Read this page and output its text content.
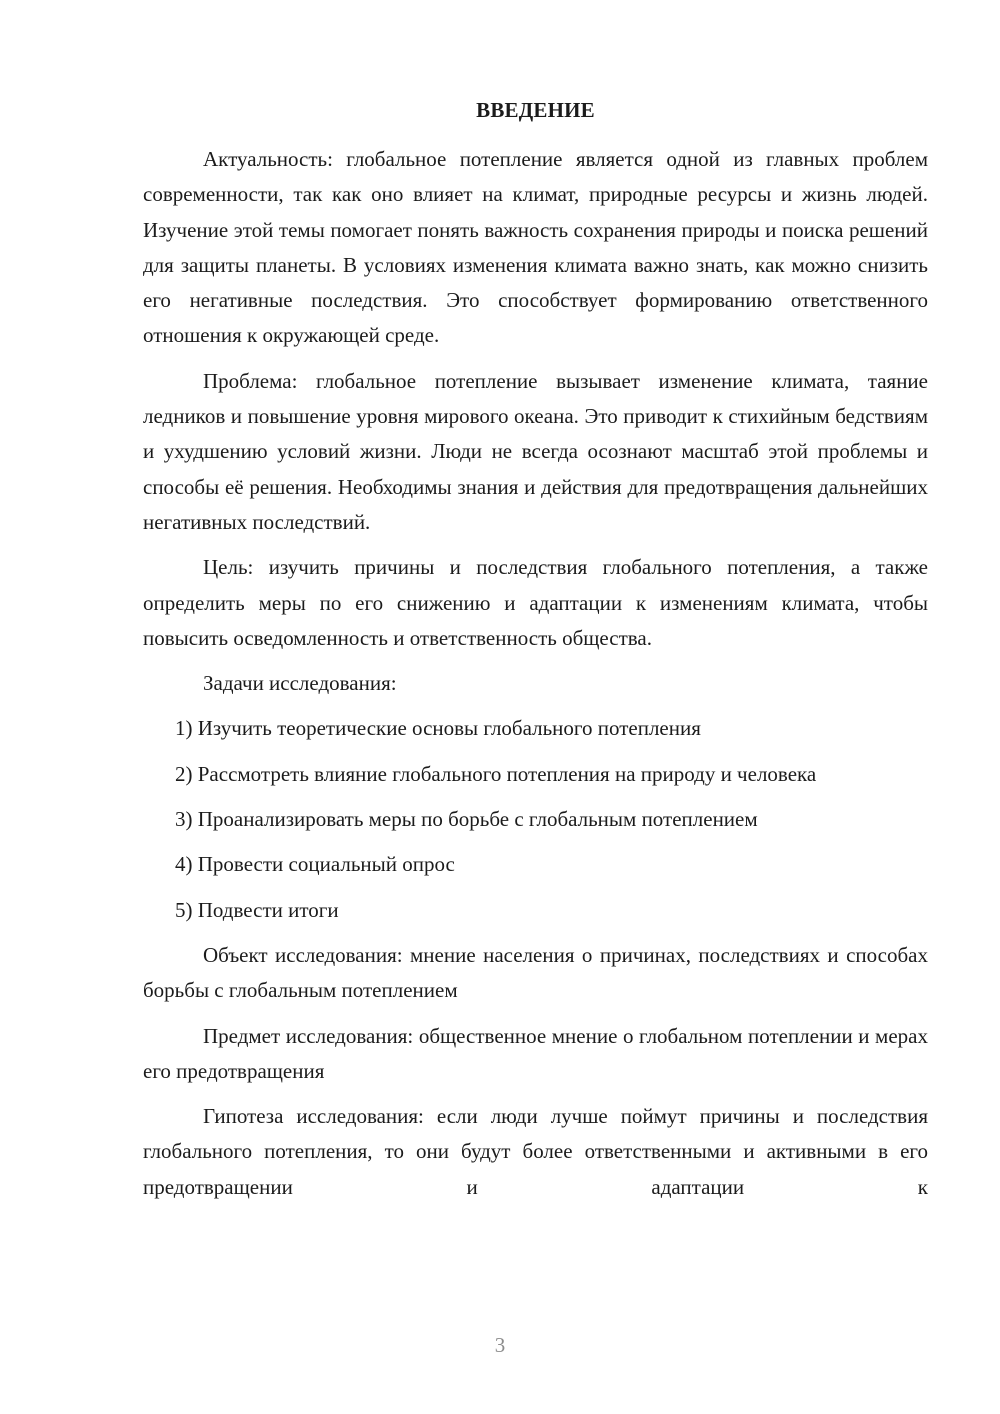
ВВЕДЕНИЕ

Актуальность: глобальное потепление является одной из главных проблем современности, так как оно влияет на климат, природные ресурсы и жизнь людей. Изучение этой темы помогает понять важность сохранения природы и поиска решений для защиты планеты. В условиях изменения климата важно знать, как можно снизить его негативные последствия. Это способствует формированию ответственного отношения к окружающей среде.

Проблема: глобальное потепление вызывает изменение климата, таяние ледников и повышение уровня мирового океана. Это приводит к стихийным бедствиям и ухудшению условий жизни. Люди не всегда осознают масштаб этой проблемы и способы её решения. Необходимы знания и действия для предотвращения дальнейших негативных последствий.

Цель: изучить причины и последствия глобального потепления, а также определить меры по его снижению и адаптации к изменениям климата, чтобы повысить осведомленность и ответственность общества.

Задачи исследования:

1) Изучить теоретические основы глобального потепления

2) Рассмотреть влияние глобального потепления на природу и человека

3) Проанализировать меры по борьбе с глобальным потеплением

4) Провести социальный опрос

5) Подвести итоги

Объект исследования: мнение населения о причинах, последствиях и способах борьбы с глобальным потеплением

Предмет исследования: общественное мнение о глобальном потеплении и мерах его предотвращения

Гипотеза исследования: если люди лучше поймут причины и последствия глобального потепления, то они будут более ответственными и активными в его предотвращении и адаптации к

3
